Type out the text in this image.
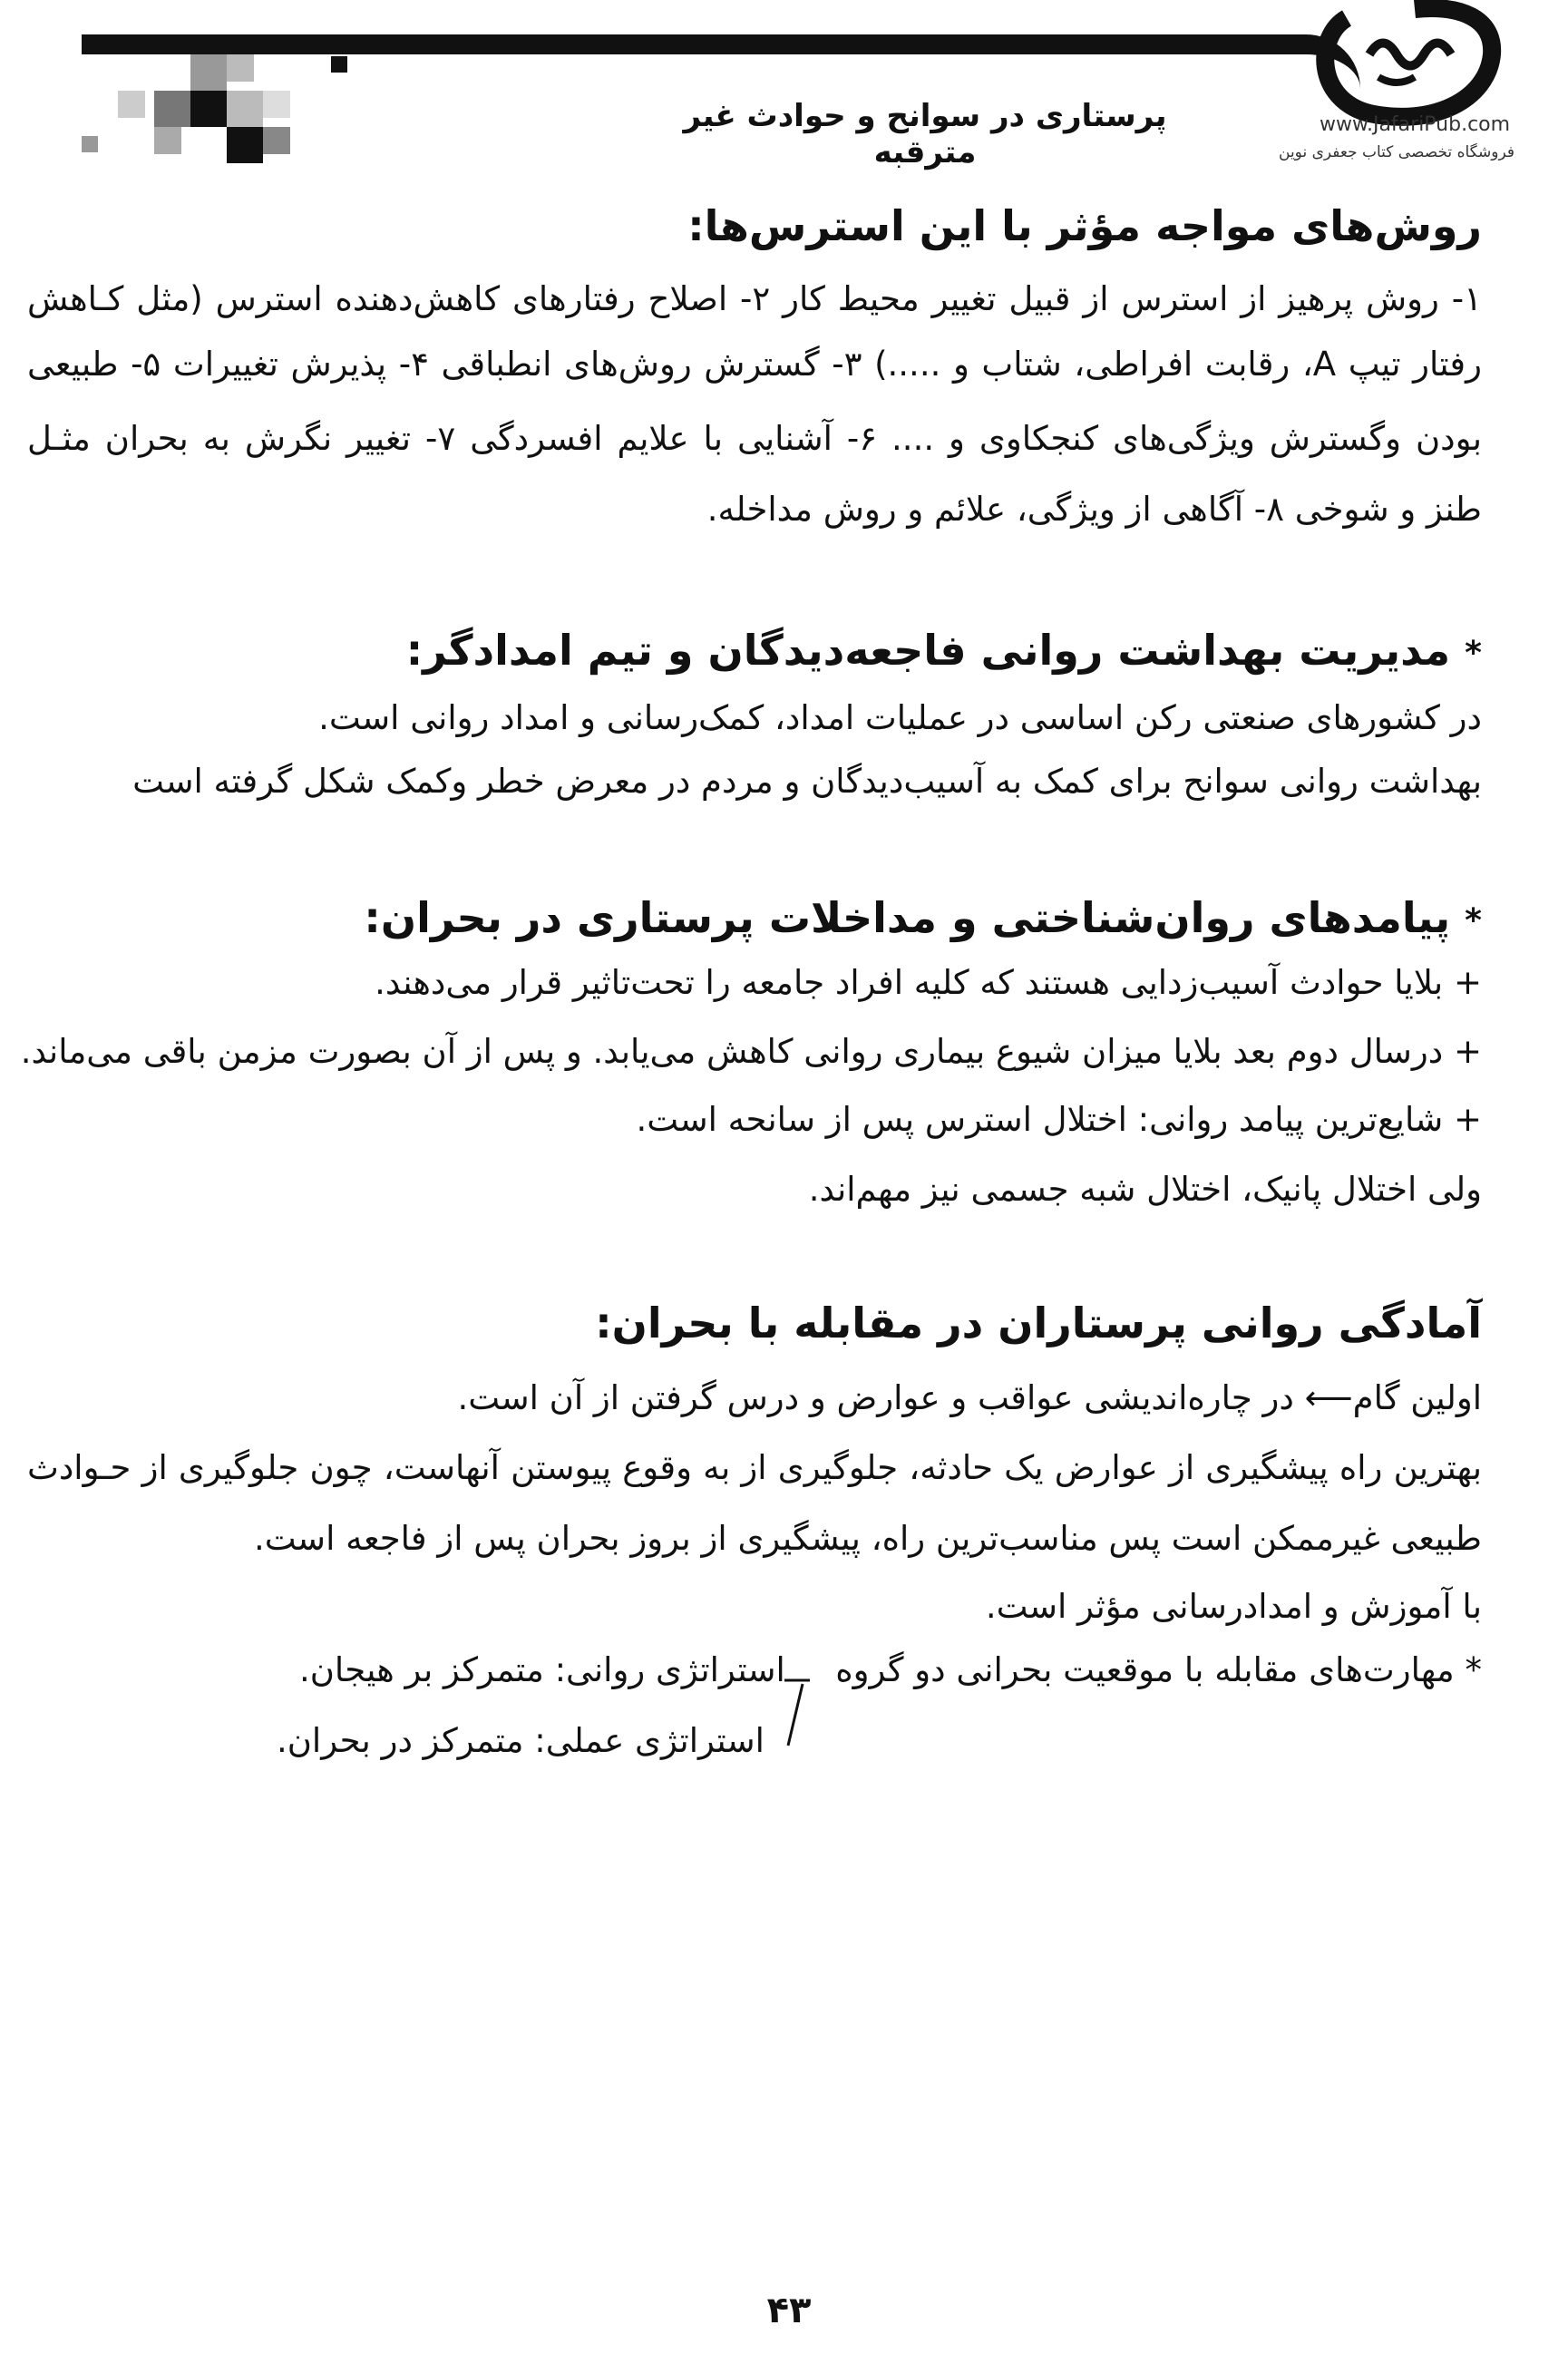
پرستاری در سوانح و حوادث غیر مترقبه
www.JafariPub.com
فروشگاه تخصصی کتاب جعفری نوین
روش‌های مواجه مؤثر با این استرس‌ها:
۱- روش پرهیز از استرس از قبیل تغییر محیط کار ۲- اصلاح رفتارهای کاهش‌دهنده استرس (مثل کـاهش
رفتار تیپ A، رقابت افراطی، شتاب و .....) ۳- گسترش روش‌های انطباقی ۴- پذیرش تغییرات ۵- طبیعی
بودن وگسترش ویژگی‌های کنجکاوی و .... ۶- آشنایی با علایم افسردگی ۷- تغییر نگرش به بحران مثـل
طنز و شوخی ۸- آگاهی از ویژگی، علائم و روش مداخله.
* مدیریت بهداشت روانی فاجعه‌دیدگان و تیم امدادگر:
در کشورهای صنعتی رکن اساسی در عملیات امداد، کمک‌رسانی و امداد روانی است.
بهداشت روانی سوانح برای کمک به آسیب‌دیدگان و مردم در معرض خطر وکمک شکل گرفته است
* پیامدهای روان‌شناختی و مداخلات پرستاری در بحران:
+ بلایا حوادث آسیب‌زدایی هستند که کلیه افراد جامعه را تحت‌تاثیر قرار می‌دهند.
+ درسال دوم بعد بلایا میزان شیوع بیماری روانی کاهش می‌یابد. و پس از آن بصورت مزمن باقی می‌ماند.
+ شایع‌ترین پیامد روانی: اختلال استرس پس از سانحه است.
ولی اختلال پانیک، اختلال شبه جسمی نیز مهم‌اند.
آمادگی روانی پرستاران در مقابله با بحران:
اولین گام⟵ در چاره‌اندیشی عواقب و عوارض و درس گرفتن از آن است.
بهترین راه پیشگیری از عوارض یک حادثه، جلوگیری از به وقوع پیوستن آنهاست، چون جلوگیری از حـوادث
طبیعی غیرممکن است پس مناسب‌ترین راه، پیشگیری از بروز بحران پس از فاجعه است.
با آموزش و امدادرسانی مؤثر است.
* مهارت‌های مقابله با موقعیت بحرانی دو گروه
استراتژی روانی: متمرکز بر هیجان.
استراتژی عملی: متمرکز در بحران.
۴۳
